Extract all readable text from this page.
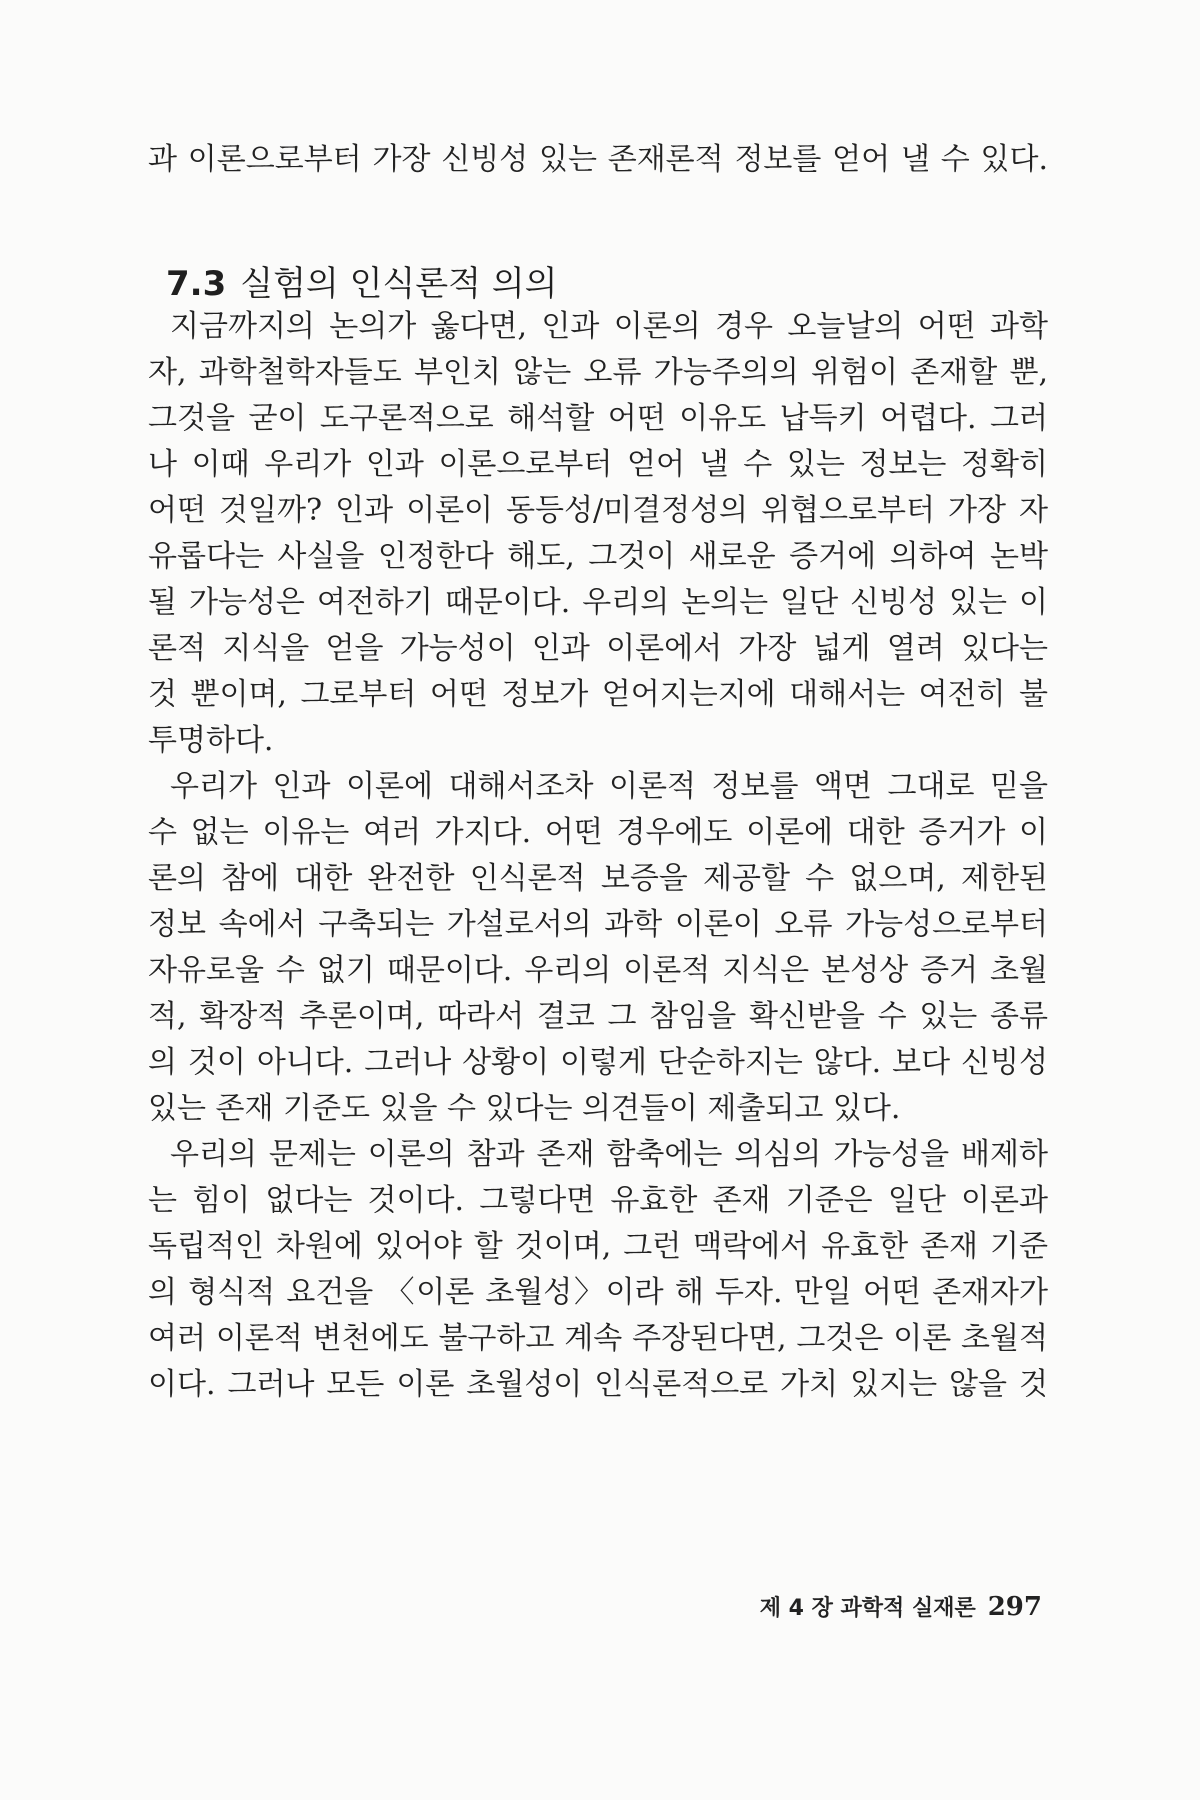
과 이론으로부터 가장 신빙성 있는 존재론적 정보를 얻어 낼 수 있다.
7.3 실험의 인식론적 의의
지금까지의 논의가 옳다면, 인과 이론의 경우 오늘날의 어떤 과학
자, 과학철학자들도 부인치 않는 오류 가능주의의 위험이 존재할 뿐,
그것을 굳이 도구론적으로 해석할 어떤 이유도 납득키 어렵다. 그러
나 이때 우리가 인과 이론으로부터 얻어 낼 수 있는 정보는 정확히
어떤 것일까? 인과 이론이 동등성/미결정성의 위협으로부터 가장 자
유롭다는 사실을 인정한다 해도, 그것이 새로운 증거에 의하여 논박
될 가능성은 여전하기 때문이다. 우리의 논의는 일단 신빙성 있는 이
론적 지식을 얻을 가능성이 인과 이론에서 가장 넓게 열려 있다는
것 뿐이며, 그로부터 어떤 정보가 얻어지는지에 대해서는 여전히 불
투명하다.
우리가 인과 이론에 대해서조차 이론적 정보를 액면 그대로 믿을
수 없는 이유는 여러 가지다. 어떤 경우에도 이론에 대한 증거가 이
론의 참에 대한 완전한 인식론적 보증을 제공할 수 없으며, 제한된
정보 속에서 구축되는 가설로서의 과학 이론이 오류 가능성으로부터
자유로울 수 없기 때문이다. 우리의 이론적 지식은 본성상 증거 초월
적, 확장적 추론이며, 따라서 결코 그 참임을 확신받을 수 있는 종류
의 것이 아니다. 그러나 상황이 이렇게 단순하지는 않다. 보다 신빙성
있는 존재 기준도 있을 수 있다는 의견들이 제출되고 있다.
우리의 문제는 이론의 참과 존재 함축에는 의심의 가능성을 배제하
는 힘이 없다는 것이다. 그렇다면 유효한 존재 기준은 일단 이론과
독립적인 차원에 있어야 할 것이며, 그런 맥락에서 유효한 존재 기준
의 형식적 요건을 〈이론 초월성〉이라 해 두자. 만일 어떤 존재자가
여러 이론적 변천에도 불구하고 계속 주장된다면, 그것은 이론 초월적
이다. 그러나 모든 이론 초월성이 인식론적으로 가치 있지는 않을 것
제 4 장 과학적 실재론 297
